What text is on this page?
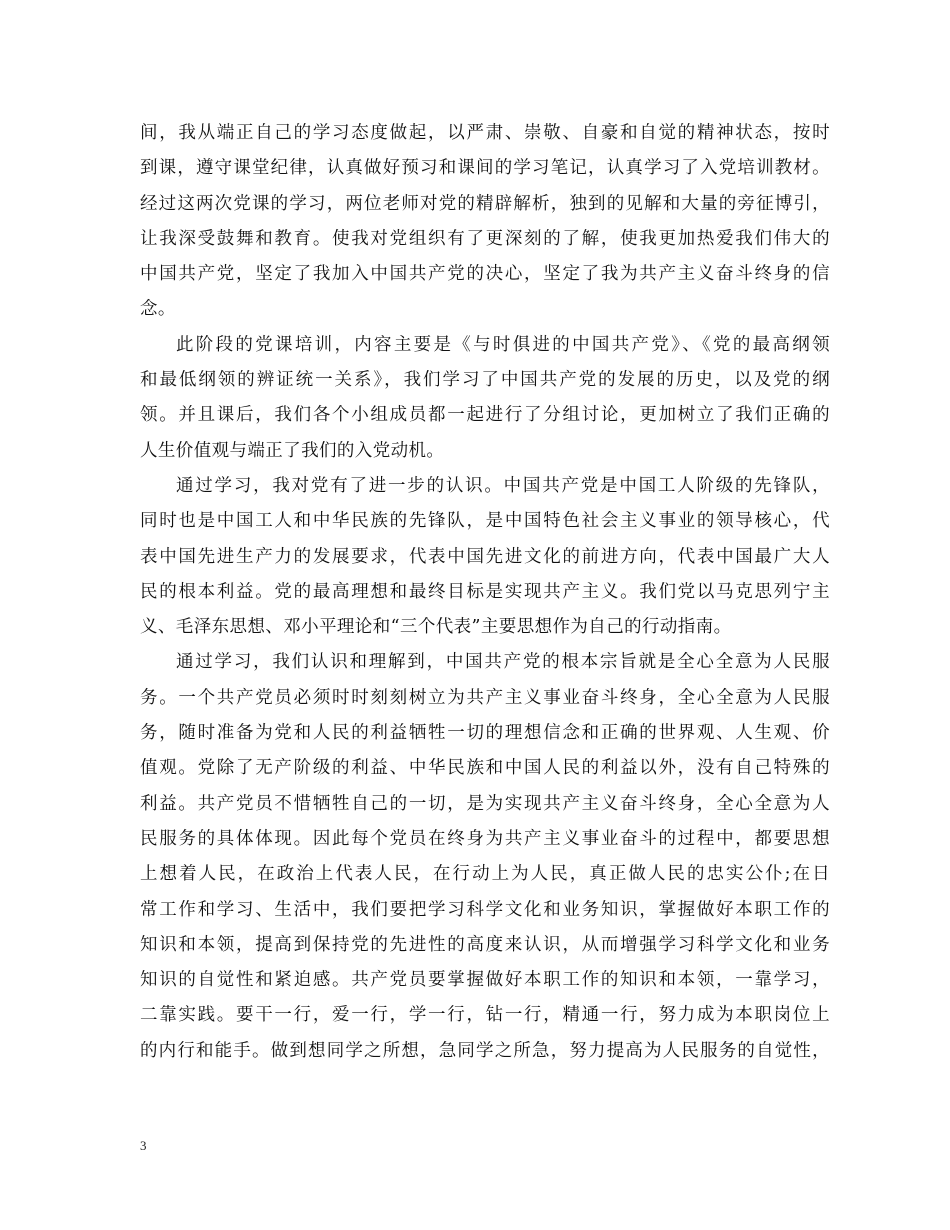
间，我从端正自己的学习态度做起，以严肃、崇敬、自豪和自觉的精神状态，按时
到课，遵守课堂纪律，认真做好预习和课间的学习笔记，认真学习了入党培训教材。
经过这两次党课的学习，两位老师对党的精辟解析，独到的见解和大量的旁征博引，
让我深受鼓舞和教育。使我对党组织有了更深刻的了解，使我更加热爱我们伟大的
中国共产党，坚定了我加入中国共产党的决心，坚定了我为共产主义奋斗终身的信
念。
此阶段的党课培训，内容主要是《与时俱进的中国共产党》、《党的最高纲领
和最低纲领的辨证统一关系》，我们学习了中国共产党的发展的历史，以及党的纲
领。并且课后，我们各个小组成员都一起进行了分组讨论，更加树立了我们正确的
人生价值观与端正了我们的入党动机。
通过学习，我对党有了进一步的认识。中国共产党是中国工人阶级的先锋队，
同时也是中国工人和中华民族的先锋队，是中国特色社会主义事业的领导核心，代
表中国先进生产力的发展要求，代表中国先进文化的前进方向，代表中国最广大人
民的根本利益。党的最高理想和最终目标是实现共产主义。我们党以马克思列宁主
义、毛泽东思想、邓小平理论和“三个代表”主要思想作为自己的行动指南。
通过学习，我们认识和理解到，中国共产党的根本宗旨就是全心全意为人民服
务。一个共产党员必须时时刻刻树立为共产主义事业奋斗终身，全心全意为人民服
务，随时准备为党和人民的利益牺牲一切的理想信念和正确的世界观、人生观、价
值观。党除了无产阶级的利益、中华民族和中国人民的利益以外，没有自己特殊的
利益。共产党员不惜牺牲自己的一切，是为实现共产主义奋斗终身，全心全意为人
民服务的具体体现。因此每个党员在终身为共产主义事业奋斗的过程中，都要思想
上想着人民，在政治上代表人民，在行动上为人民，真正做人民的忠实公仆;在日
常工作和学习、生活中，我们要把学习科学文化和业务知识，掌握做好本职工作的
知识和本领，提高到保持党的先进性的高度来认识，从而增强学习科学文化和业务
知识的自觉性和紧迫感。共产党员要掌握做好本职工作的知识和本领，一靠学习，
二靠实践。要干一行，爱一行，学一行，钻一行，精通一行，努力成为本职岗位上
的内行和能手。做到想同学之所想，急同学之所急，努力提高为人民服务的自觉性，
3
